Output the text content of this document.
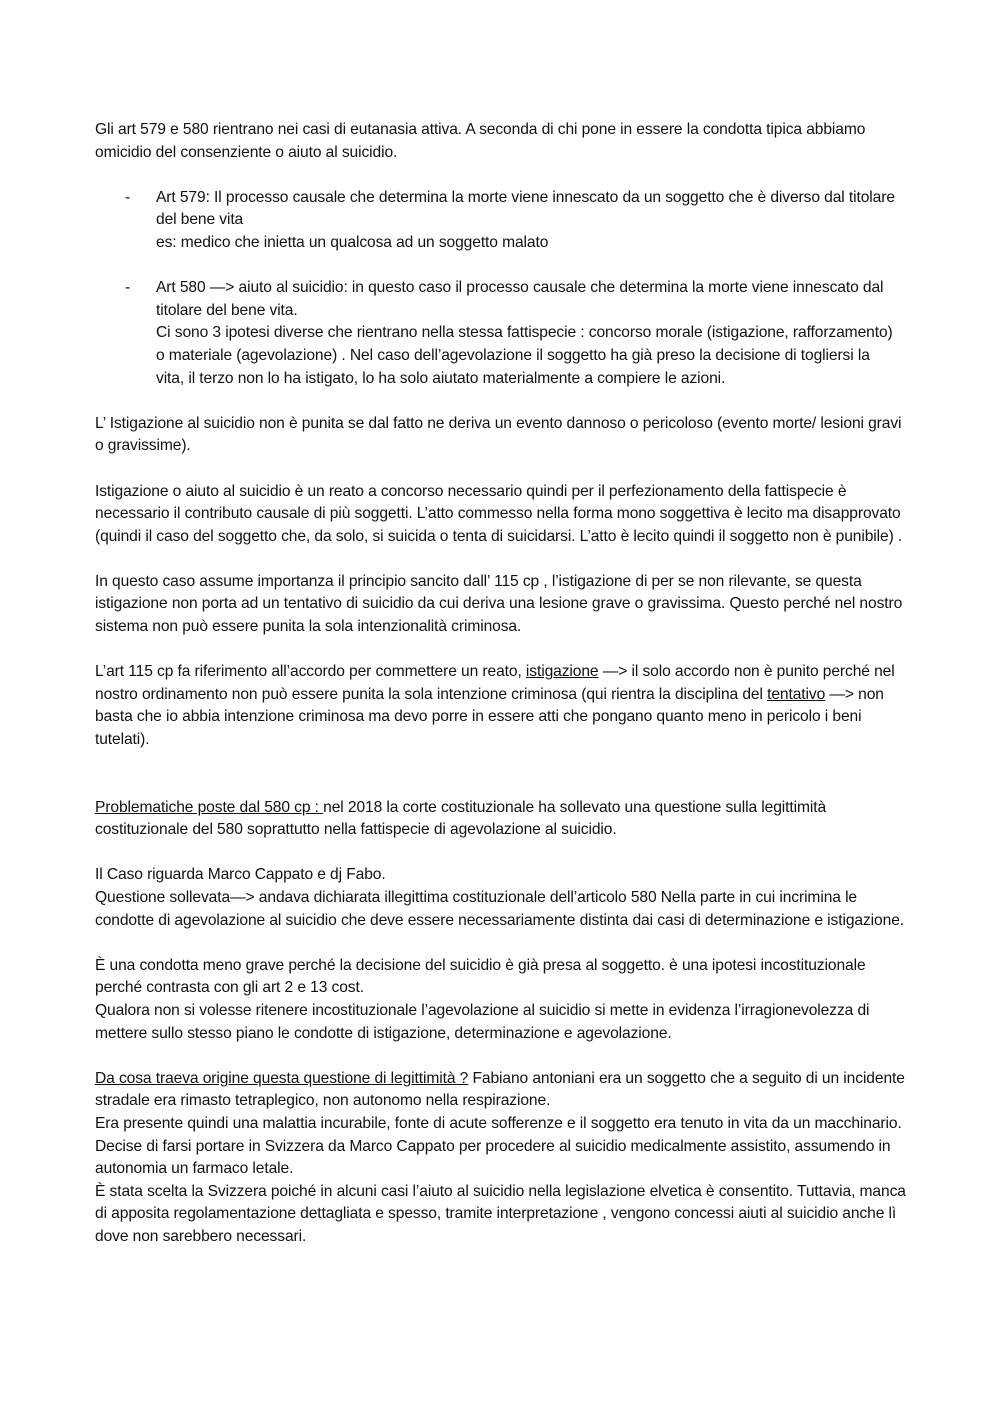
Gli art 579 e 580 rientrano nei casi di eutanasia attiva. A seconda di chi pone in essere la condotta tipica abbiamo omicidio del consenziente o aiuto al suicidio.

- Art 579: Il processo causale che determina la morte viene innescato da un soggetto che è diverso dal titolare del bene vita

es: medico che inietta un qualcosa ad un soggetto malato

- Art 580 —> aiuto al suicidio: in questo caso il processo causale che determina la morte viene innescato dal titolare del bene vita.

Ci sono 3 ipotesi diverse che rientrano nella stessa fattispecie : concorso morale (istigazione, rafforzamento) o materiale (agevolazione) . Nel caso dell’agevolazione il soggetto ha già preso la decisione di togliersi la vita, il terzo non lo ha istigato, lo ha solo aiutato materialmente a compiere le azioni.

L’ Istigazione al suicidio non è punita se dal fatto ne deriva un evento dannoso o pericoloso (evento morte/ lesioni gravi o gravissime).

Istigazione o aiuto al suicidio è un reato a concorso necessario quindi per il perfezionamento della fattispecie è necessario il contributo causale di più soggetti. L’atto commesso nella forma mono soggettiva è lecito ma disapprovato (quindi il caso del soggetto che, da solo, si suicida o tenta di suicidarsi. L’atto è lecito quindi il soggetto non è punibile) .

In questo caso assume importanza il principio sancito dall’ 115 cp , l’istigazione di per se non rilevante, se questa istigazione non porta ad un tentativo di suicidio da cui deriva una lesione grave o gravissima. Questo perché nel nostro sistema non può essere punita la sola intenzionalità criminosa.

L’art 115 cp fa riferimento all’accordo per commettere un reato, istigazione —> il solo accordo non è punito perché nel nostro ordinamento non può essere punita la sola intenzione criminosa (qui rientra la disciplina del tentativo —> non basta che io abbia intenzione criminosa ma devo porre in essere atti che pongano quanto meno in pericolo i beni tutelati).

Problematiche poste dal 580 cp : nel 2018 la corte costituzionale ha sollevato una questione sulla legittimità costituzionale del 580 soprattutto nella fattispecie di agevolazione al suicidio.

Il Caso riguarda Marco Cappato e dj Fabo.

Questione sollevata—> andava dichiarata illegittima costituzionale dell’articolo 580 Nella parte in cui incrimina le condotte di agevolazione al suicidio che deve essere necessariamente distinta dai casi di determinazione e istigazione.

È una condotta meno grave perché la decisione del suicidio è già presa al soggetto. è una ipotesi incostituzionale perché contrasta con gli art 2 e 13 cost.

Qualora non si volesse ritenere incostituzionale l’agevolazione al suicidio si mette in evidenza l’irragionevolezza di mettere sullo stesso piano le condotte di istigazione, determinazione e agevolazione.

Da cosa traeva origine questa questione di legittimità ? Fabiano antoniani era un soggetto che a seguito di un incidente stradale era rimasto tetraplegico, non autonomo nella respirazione.

Era presente quindi una malattia incurabile, fonte di acute sofferenze e il soggetto era tenuto in vita da un macchinario. Decise di farsi portare in Svizzera da Marco Cappato per procedere al suicidio medicalmente assistito, assumendo in autonomia un farmaco letale.

È stata scelta la Svizzera poiché in alcuni casi l’aiuto al suicidio nella legislazione elvetica è consentito. Tuttavia, manca di apposita regolamentazione dettagliata e spesso, tramite interpretazione , vengono concessi aiuti al suicidio anche lì dove non sarebbero necessari.
